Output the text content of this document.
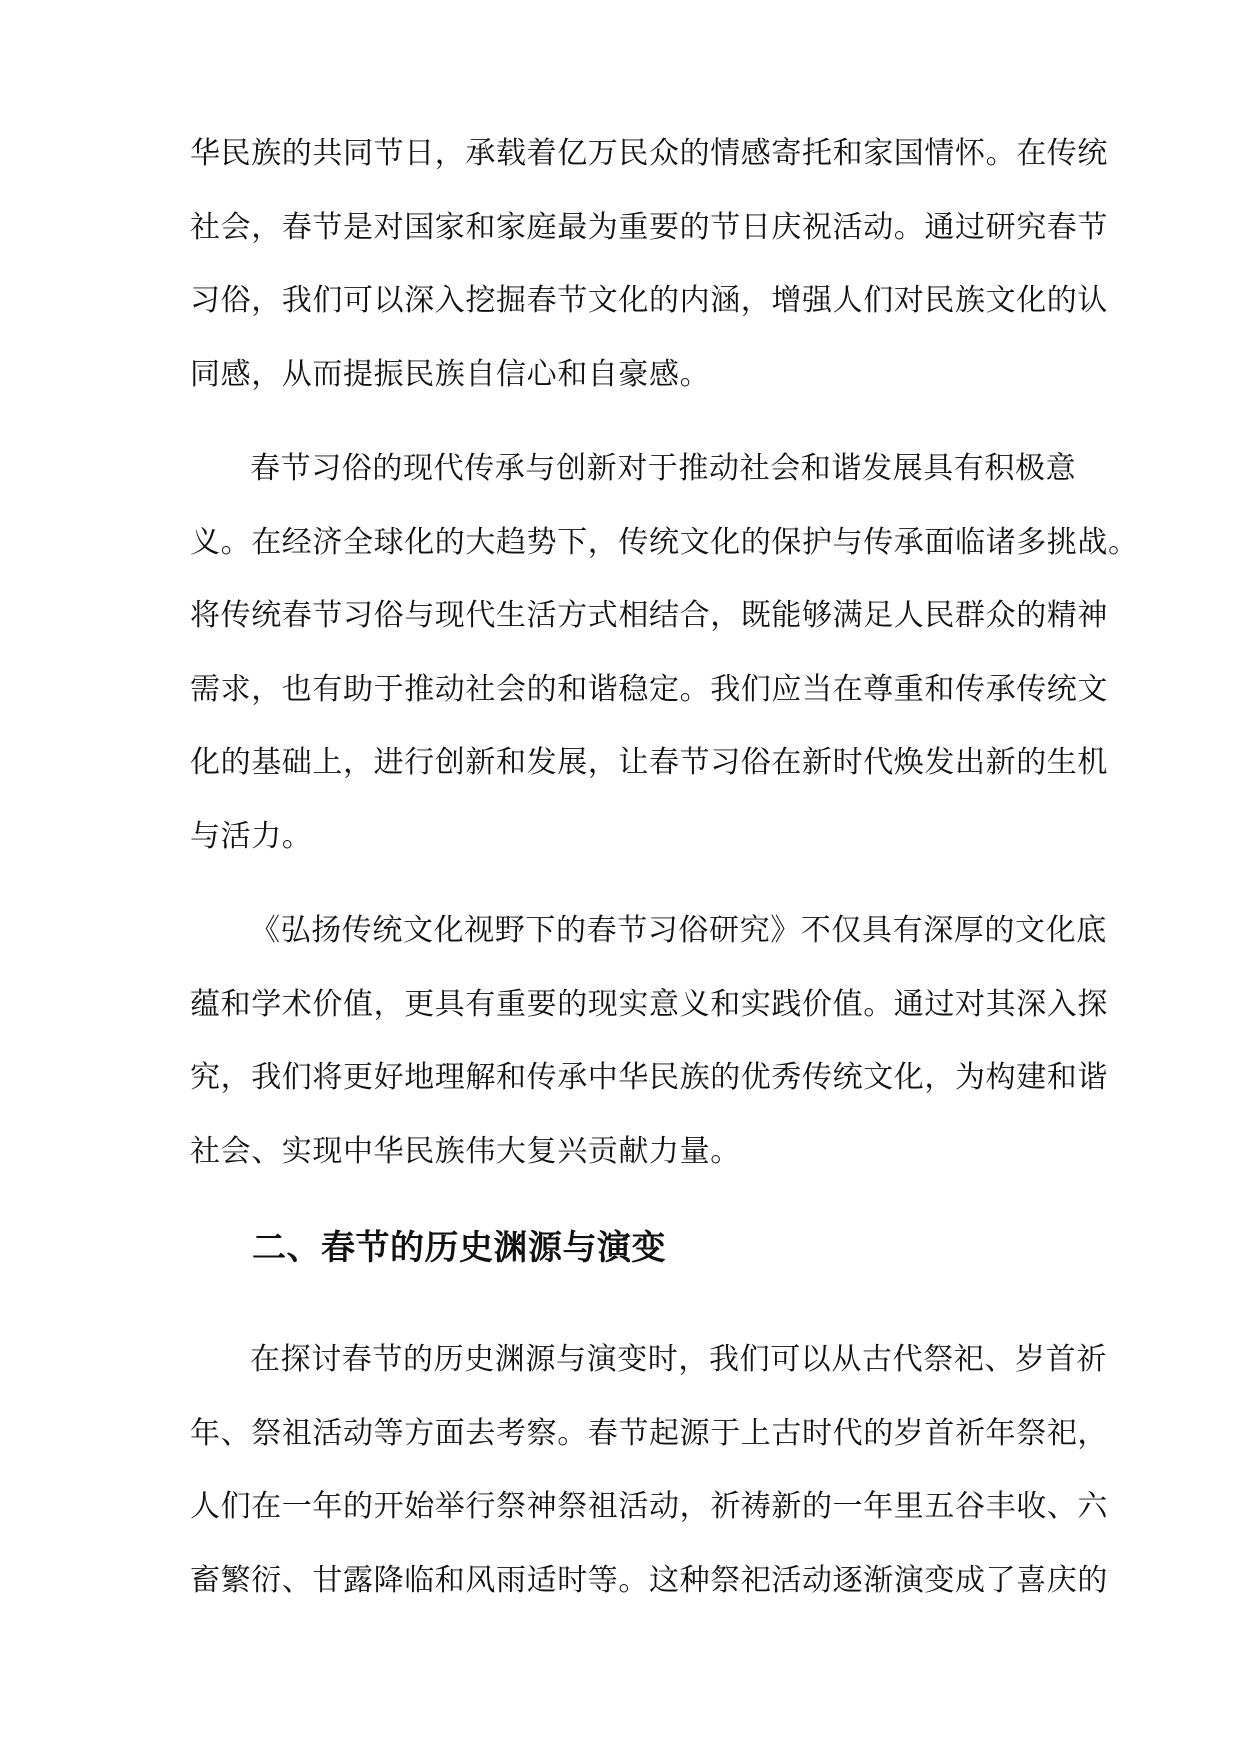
华民族的共同节日，承载着亿万民众的情感寄托和家国情怀。在传统
社会，春节是对国家和家庭最为重要的节日庆祝活动。通过研究春节
习俗，我们可以深入挖掘春节文化的内涵，增强人们对民族文化的认
同感，从而提振民族自信心和自豪感。
春节习俗的现代传承与创新对于推动社会和谐发展具有积极意
义。在经济全球化的大趋势下，传统文化的保护与传承面临诸多挑战。
将传统春节习俗与现代生活方式相结合，既能够满足人民群众的精神
需求，也有助于推动社会的和谐稳定。我们应当在尊重和传承传统文
化的基础上，进行创新和发展，让春节习俗在新时代焕发出新的生机
与活力。
《弘扬传统文化视野下的春节习俗研究》不仅具有深厚的文化底
蕴和学术价值，更具有重要的现实意义和实践价值。通过对其深入探
究，我们将更好地理解和传承中华民族的优秀传统文化，为构建和谐
社会、实现中华民族伟大复兴贡献力量。
二、春节的历史渊源与演变
在探讨春节的历史渊源与演变时，我们可以从古代祭祀、岁首祈
年、祭祖活动等方面去考察。春节起源于上古时代的岁首祈年祭祀，
人们在一年的开始举行祭神祭祖活动，祈祷新的一年里五谷丰收、六
畜繁衍、甘露降临和风雨适时等。这种祭祀活动逐渐演变成了喜庆的
